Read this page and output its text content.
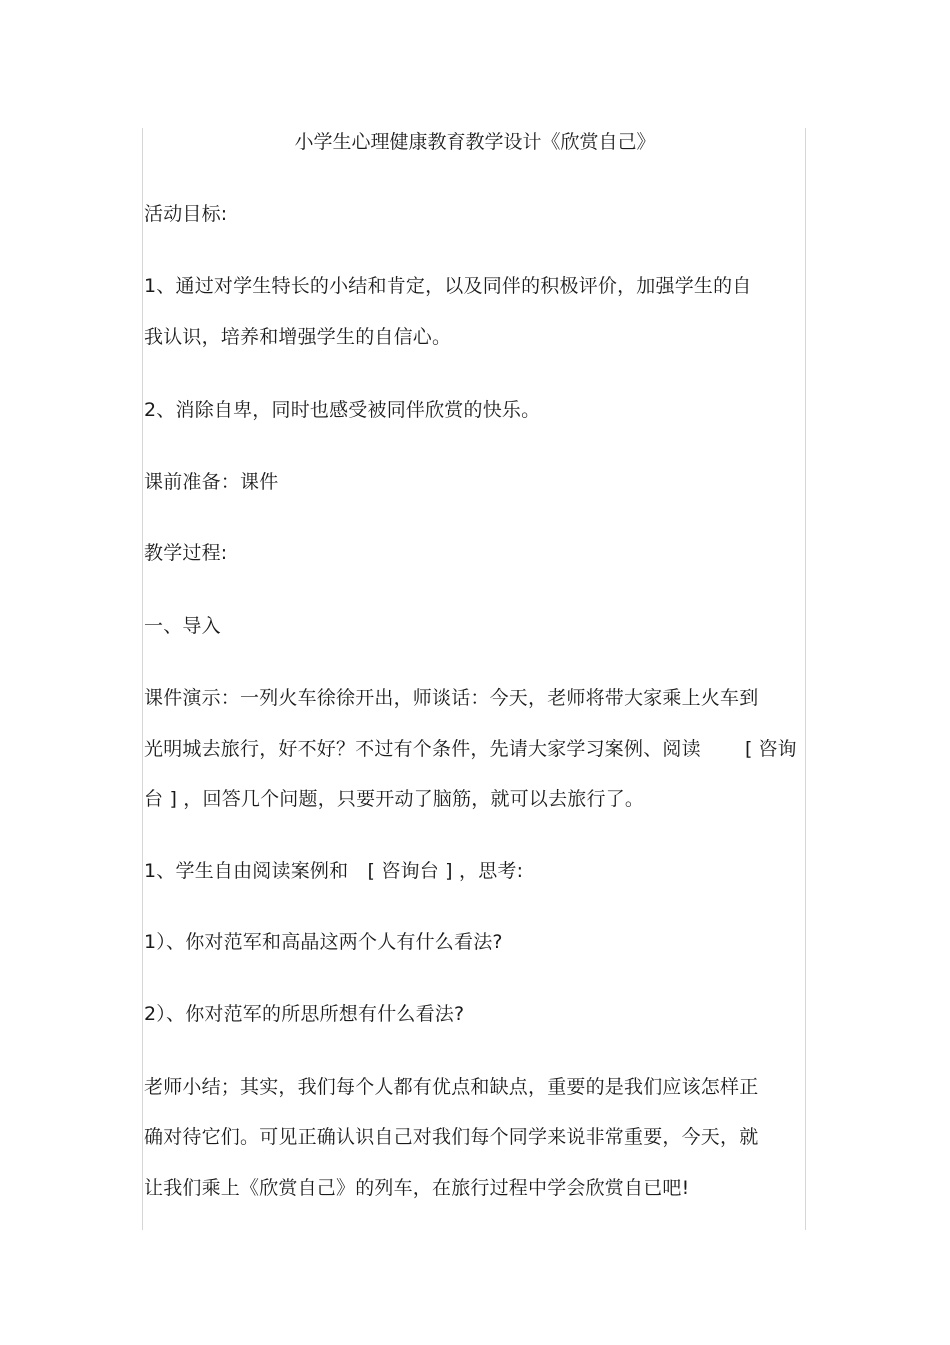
小学生心理健康教育教学设计《欣赏自己》
活动目标:
1、通过对学生特长的小结和肯定，以及同伴的积极评价，加强学生的自
我认识，培养和增强学生的自信心。
2、消除自卑，同时也感受被同伴欣赏的快乐。
课前准备：课件
教学过程:
一、导入
课件演示：一列火车徐徐开出，师谈话：今天，老师将带大家乘上火车到
光明城去旅行，好不好？不过有个条件，先请大家学习案例、阅读 [ 咨询
台 ] ，回答几个问题，只要开动了脑筋，就可以去旅行了。
1、学生自由阅读案例和　[ 咨询台 ] ，思考:
1）、你对范军和高晶这两个人有什么看法?
2）、你对范军的所思所想有什么看法?
老师小结；其实，我们每个人都有优点和缺点，重要的是我们应该怎样正
确对待它们。可见正确认识自己对我们每个同学来说非常重要，今天，就
让我们乘上《欣赏自己》的列车，在旅行过程中学会欣赏自已吧!
